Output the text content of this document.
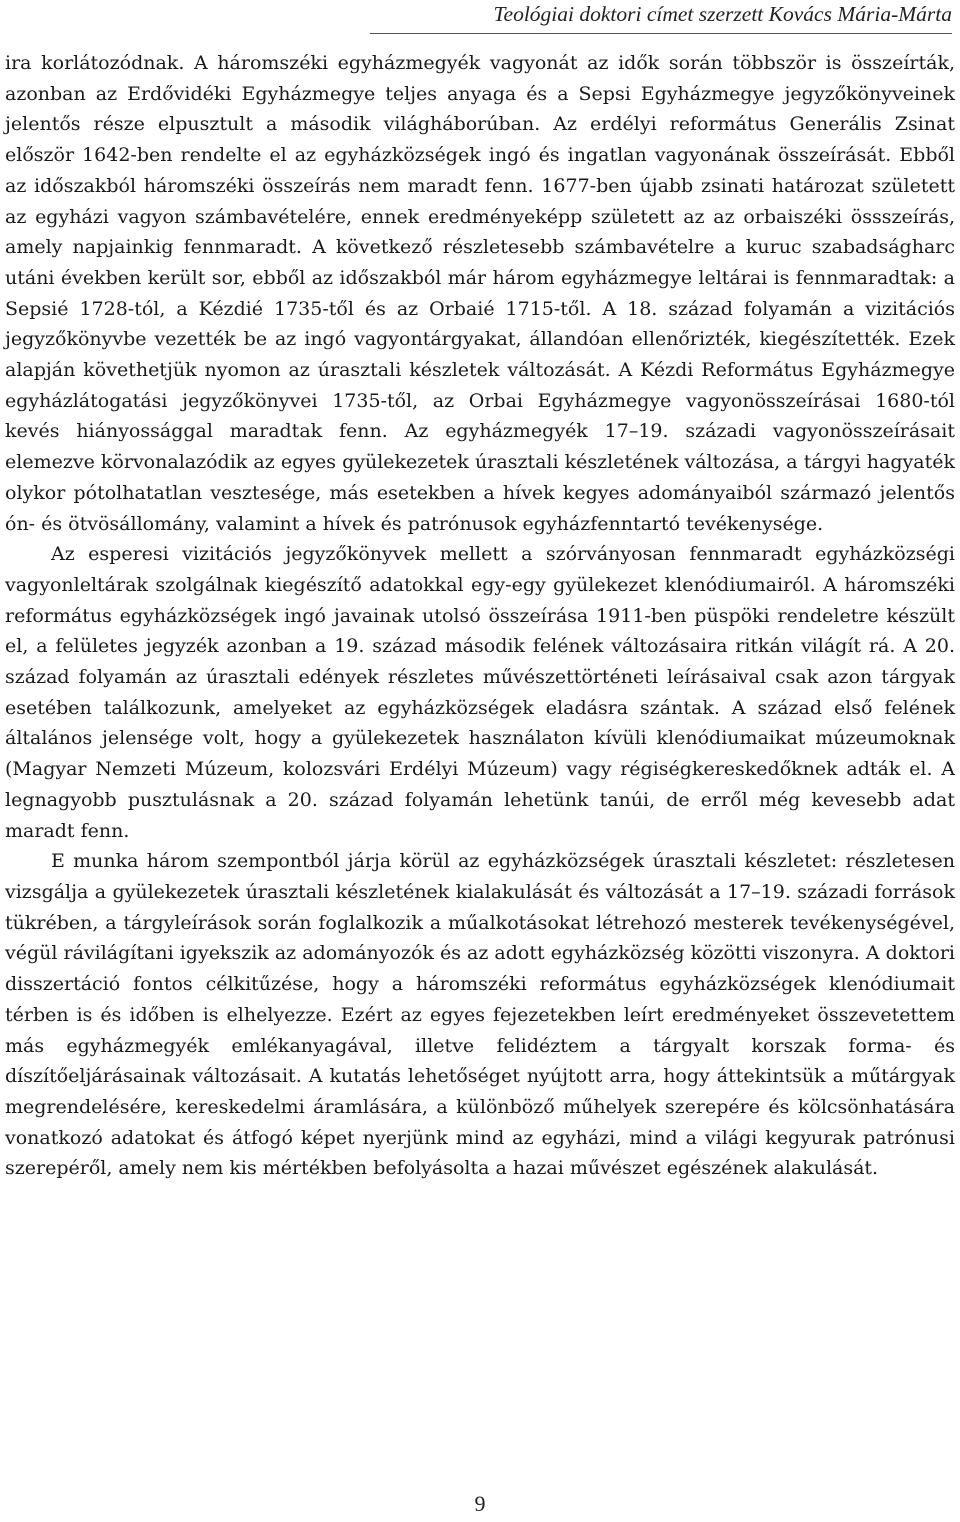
Teológiai doktori címet szerzett Kovács Mária-Márta

ira korlátozódnak. A háromszéki egyházmegyék vagyonát az idők során többször is összeírták, azonban az Erdővidéki Egyházmegye teljes anyaga és a Sepsi Egyházmegye jegyzőkönyveinek jelentős része elpusztult a második világháborúban. Az erdélyi református Generális Zsinat először 1642-ben rendelte el az egyházközségek ingó és ingatlan vagyonának összeírását. Ebből az időszakból háromszéki összeírás nem maradt fenn. 1677-ben újabb zsinati határozat született az egyházi vagyon számbavételére, ennek eredményeképp született az az orbaiszéki össszeírás, amely napjainkig fennmaradt. A következő részletesebb számbavételre a kuruc szabadságharc utáni években került sor, ebből az időszakból már három egyházmegye leltárai is fennmaradtak: a Sepsié 1728-tól, a Kézdié 1735-től és az Orbaié 1715-től. A 18. század folyamán a vizitációs jegyzőkönyvbe vezették be az ingó vagyontárgyakat, állandóan ellenőrizték, kiegészítették. Ezek alapján követhetjük nyomon az úrasztali készletek változását. A Kézdi Református Egyházmegye egyházlátogatási jegyzőkönyvei 1735-től, az Orbai Egyházmegye vagyonösszeírásai 1680-tól kevés hiányossággal maradtak fenn. Az egyházmegyék 17–19. századi vagyonösszeírásait elemezve körvonalazódik az egyes gyülekezetek úrasztali készletének változása, a tárgyi hagyaték olykor pótolhatatlan vesztesége, más esetekben a hívek kegyes adományaiból származó jelentős ón- és ötvösállomány, valamint a hívek és patrónusok egyházfenntartó tevékenysége.

Az esperesi vizitációs jegyzőkönyvek mellett a szórványosan fennmaradt egyházközségi vagyonleltárak szolgálnak kiegészítő adatokkal egy-egy gyülekezet klenódiumairól. A háromszéki református egyházközségek ingó javainak utolsó összeírása 1911-ben püspöki rendeletre készült el, a felületes jegyzék azonban a 19. század második felének változásaira ritkán világít rá. A 20. század folyamán az úrasztali edények részletes művészettörténeti leírásaival csak azon tárgyak esetében találkozunk, amelyeket az egyházközségek eladásra szántak. A század első felének általános jelensége volt, hogy a gyülekezetek használaton kívüli klenódiumaikat múzeumoknak (Magyar Nemzeti Múzeum, kolozsvári Erdélyi Múzeum) vagy régiségkereskedőknek adták el. A legnagyobb pusztulásnak a 20. század folyamán lehetünk tanúi, de erről még kevesebb adat maradt fenn.

E munka három szempontból járja körül az egyházközségek úrasztali készletet: részletesen vizsgálja a gyülekezetek úrasztali készletének kialakulását és változását a 17–19. századi források tükrében, a tárgyleírások során foglalkozik a műalkotásokat létrehozó mesterek tevékenységével, végül rávilágítani igyekszik az adományozók és az adott egyházközség közötti viszonyra. A doktori disszertáció fontos célkitűzése, hogy a háromszéki református egyházközségek klenódiumait térben is és időben is elhelyezze. Ezért az egyes fejezetekben leírt eredményeket összevetettem más egyházmegyék emlékanyagával, illetve felidéztem a tárgyalt korszak forma- és díszítőeljárásainak változásait. A kutatás lehetőséget nyújtott arra, hogy áttekintsük a műtárgyak megrendelésére, kereskedelmi áramlására, a különböző műhelyek szerepére és kölcsönhatására vonatkozó adatokat és átfogó képet nyerjünk mind az egyházi, mind a világi kegyurak patrónusi szerepéről, amely nem kis mértékben befolyásolta a hazai művészet egészének alakulását.

9
